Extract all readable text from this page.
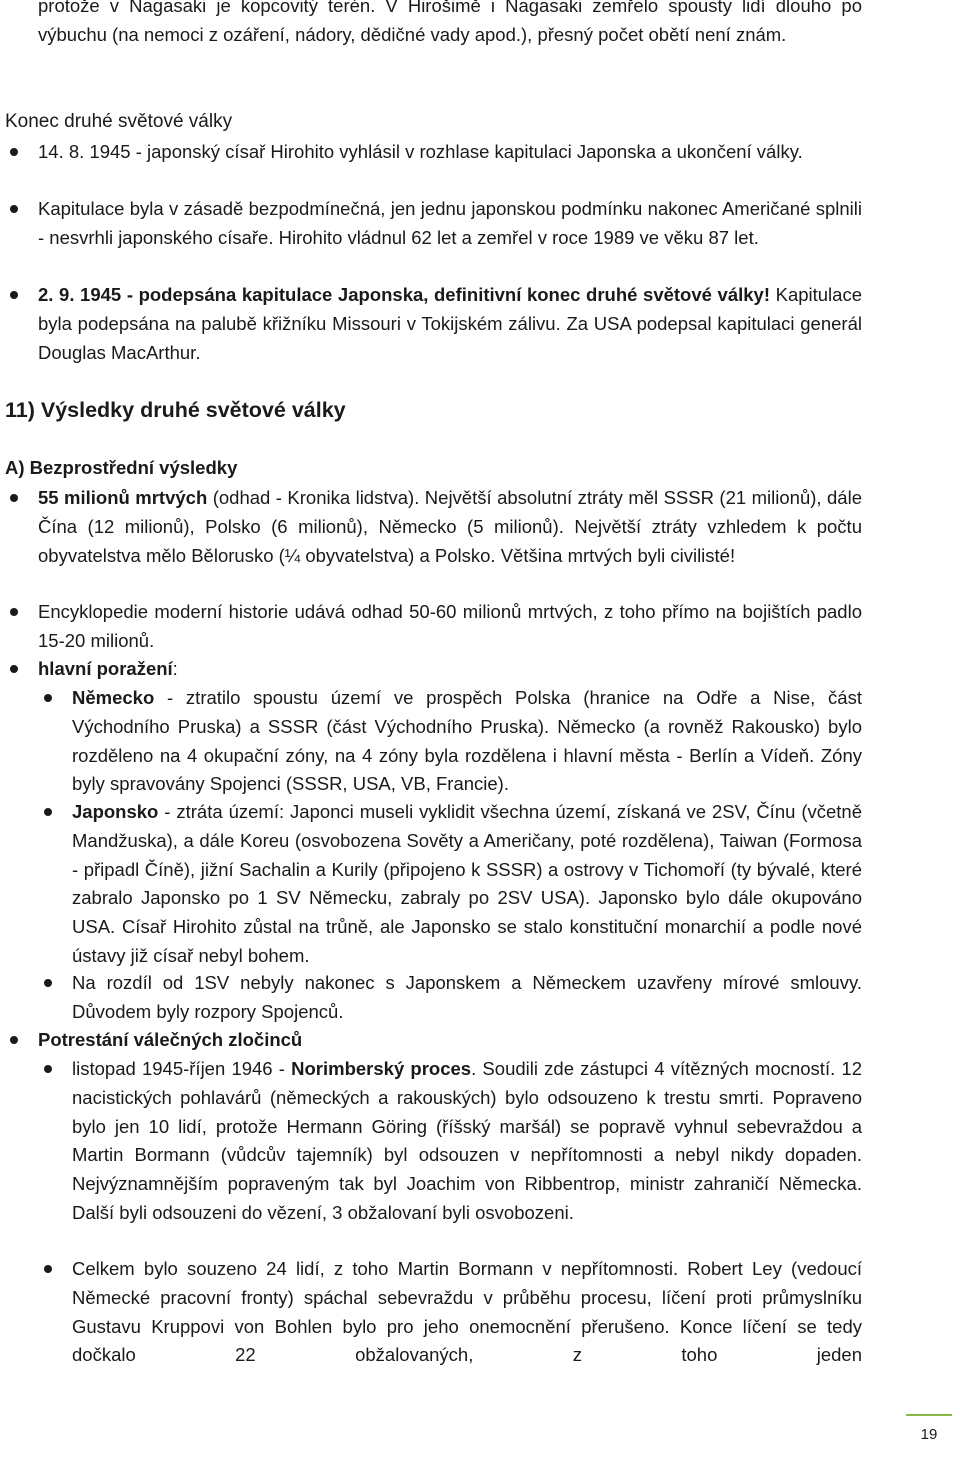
protože v Nagasaki je kopcovitý terén. V Hirošimě i Nagasaki zemřelo spousty lidí dlouho po výbuchu (na nemoci z ozáření, nádory, dědičné vady apod.), přesný počet obětí není znám.

Konec druhé světové války

14. 8. 1945 - japonský císař Hirohito vyhlásil v rozhlase kapitulaci Japonska a ukončení války.

Kapitulace byla v zásadě bezpodmínečná, jen jednu japonskou podmínku nakonec Američané splnili - nesvrhli japonského císaře. Hirohito vládnul 62 let a zemřel v roce 1989 ve věku 87 let.

2. 9. 1945 - podepsána kapitulace Japonska, definitivní konec druhé světové války! Kapitulace byla podepsána na palubě křižníku Missouri v Tokijském zálivu. Za USA podepsal kapitulaci generál Douglas MacArthur.

11) Výsledky druhé světové války
A) Bezprostřední výsledky

55 milionů mrtvých (odhad - Kronika lidstva). Největší absolutní ztráty měl SSSR (21 milionů), dále Čína (12 milionů), Polsko (6 milionů), Německo (5 milionů). Největší ztráty vzhledem k počtu obyvatelstva mělo Bělorusko (¼ obyvatelstva) a Polsko. Většina mrtvých byli civilisté!

Encyklopedie moderní historie udává odhad 50-60 milionů mrtvých, z toho přímo na bojištích padlo 15-20 milionů.

hlavní poražení:

Německo - ztratilo spoustu území ve prospěch Polska (hranice na Odře a Nise, část Východního Pruska) a SSSR (část Východního Pruska). Německo (a rovněž Rakousko) bylo rozděleno na 4 okupační zóny, na 4 zóny byla rozdělena i hlavní města - Berlín a Vídeň. Zóny byly spravovány Spojenci (SSSR, USA, VB, Francie).

Japonsko - ztráta území: Japonci museli vyklidit všechna území, získaná ve 2SV, Čínu (včetně Mandžuska), a dále Koreu (osvobozena Sověty a Američany, poté rozdělena), Taiwan (Formosa - připadl Číně), jižní Sachalin a Kurily (připojeno k SSSR) a ostrovy v Tichomoří (ty bývalé, které zabralo Japonsko po 1 SV Německu, zabraly po 2SV USA). Japonsko bylo dále okupováno USA. Císař Hirohito zůstal na trůně, ale Japonsko se stalo konstituční monarchií a podle nové ústavy již císař nebyl bohem.

Na rozdíl od 1SV nebyly nakonec s Japonskem a Německem uzavřeny mírové smlouvy. Důvodem byly rozpory Spojenců.

Potrestání válečných zločinců

listopad 1945-říjen 1946 - Norimberský proces. Soudili zde zástupci 4 vítězných mocností. 12 nacistických pohlavárů (německých a rakouských) bylo odsouzeno k trestu smrti. Popraveno bylo jen 10 lidí, protože Hermann Göring (říšský maršál) se popravě vyhnul sebevraždou a Martin Bormann (vůdcův tajemník) byl odsouzen v nepřítomnosti a nebyl nikdy dopaden. Nejvýznamnějším popraveným tak byl Joachim von Ribbentrop, ministr zahraničí Německa. Další byli odsouzeni do vězení, 3 obžalovaní byli osvobozeni.

Celkem bylo souzeno 24 lidí, z toho Martin Bormann v nepřítomnosti. Robert Ley (vedoucí Německé pracovní fronty) spáchal sebevraždu v průběhu procesu, líčení proti průmyslníku Gustavu Kruppovi von Bohlen bylo pro jeho onemocnění přerušeno. Konce líčení se tedy dočkalo 22 obžalovaných, z toho jeden

19
